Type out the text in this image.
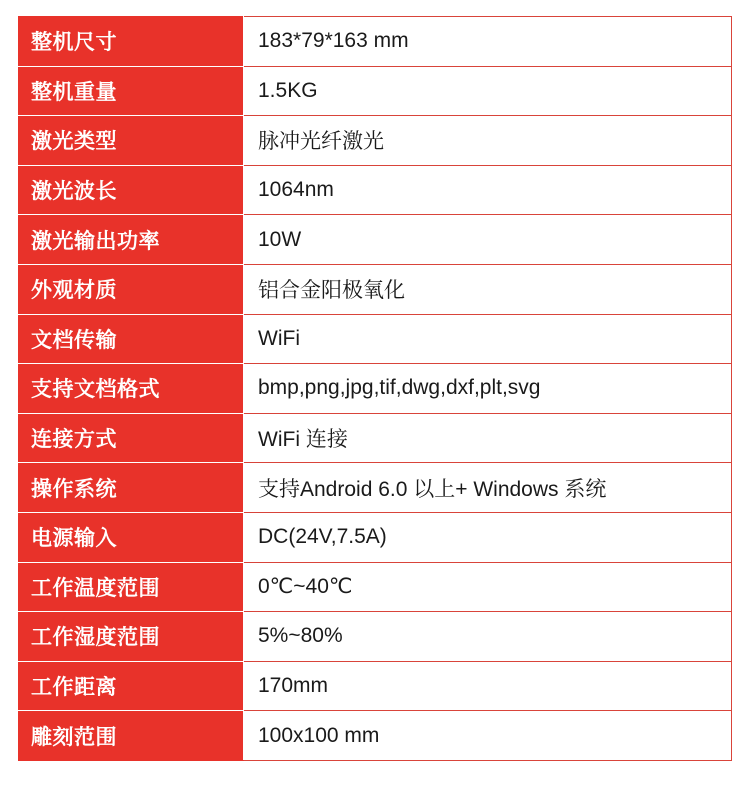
整机尺寸	183*79*163 mm
整机重量	1.5KG
激光类型	脉冲光纤激光
激光波长	1064nm
激光输出功率	10W
外观材质	铝合金阳极氧化
文档传输	WiFi
支持文档格式	bmp,png,jpg,tif,dwg,dxf,plt,svg
连接方式	WiFi 连接
操作系统	支持Android 6.0 以上+ Windows 系统
电源输入	DC(24V,7.5A)
工作温度范围	0℃~40℃
工作湿度范围	5%~80%
工作距离	170mm
雕刻范围	100x100 mm
